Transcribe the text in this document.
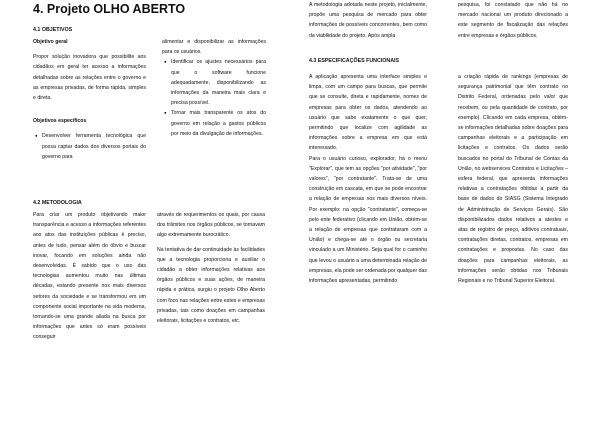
4. Projeto OLHO ABERTO
4.1 OBJETIVOS

Objetivo geral

Propor solução inovadora que possibilite aos cidadãos em geral ter acesso a informações detalhadas sobre as relações entre o governo e as empresas privadas, de forma rápida, simples e direta.

Objetivos específicos

● Desenvolver ferramenta tecnológica que possa captar dados dos diversos portais do governo para

alimentar e disponibilizar as informações para os usuários.

● Identificar os ajustes necessários para que o software funcione adequadamente, disponibilizando as informações da maneira mais clara e precisa possível.
● Tornar mais transparente os atos do governo em relação a gastos públicos por meio da divulgação de informações.
4.2 METODOLOGIA

Para criar um produto objetivando maior transparência e acesso a informações referentes aos atos das instituições públicas é preciso, antes de tudo, pensar além do óbvio e buscar inovar, focando em soluções ainda não desenvolvidas. É sabido que o uso das tecnologias aumentou muito nas últimas décadas, estando presente nos mais diversos setores da sociedade e se transformou em um componente social importante na vida moderna, tornando-se uma grande aliada na busca por informações que antes só eram possíveis conseguir

através de requerimentos os quais, por causa dos trâmites nos órgãos públicos, se tornavam algo extremamente burocrático.

Na tentativa de dar continuidade às facilidades que a tecnologia proporciona e auxiliar o cidadão a obter informações relativas aos órgãos públicos e suas ações, de maneira rápida e prática, surgiu o projeto Olho Aberto com foco nas relações entre estes e empresas privadas, tais como doações em campanhas eleitorais, licitações e contratos, etc.

A metodologia adotada neste projeto, inicialmente, propõe uma pesquisa de mercado para obter informações de possíveis concorrentes, bem como da viabilidade do projeto. Após ampla

4.3 ESPECIFICAÇÕES FUNCIONAIS

A aplicação apresenta uma interface simples e limpa, com um campo para buscas, que permite que se consulte, direta e rapidamente, nomes de empresas para obter os dados, atendendo ao usuário que sabe exatamente o que quer, permitindo que localize com agilidade as informações sobre a empresa em que está interessado.

Para o usuário curioso, explorador, há o menu "Explorar", que tem as opções "por atividade", "por valores", "por contratante". Trata-se de uma construção em cascata, em que se pode encontrar a relação de empresas nos mais diversos níveis. Por exemplo: na opção "contratante", começa-se pelo ente federativo (clicando em União, obtém-se a relação de empresas que contrataram com a União) e chega-se até o órgão ou secretaria vinculado a um Ministério. Seja qual for o caminho que levou o usuário a uma determinada relação de empresas, ela pode ser ordenada por qualquer das informações apresentadas, permitindo

pesquisa, foi constatado que não há no mercado nacional um produto direcionado a este segmento de fiscalização das relações entre empresas e órgãos públicos.

a criação rápida de rankings (empresas de segurança patrimonial que têm contrato no Distrito Federal, ordenadas pelo valor que recebem, ou pela quantidade de contrato, por exemplo). Clicando em cada empresa, obtém-se informações detalhadas sobre doações para campanhas eleitorais e a participação em licitações e contratos. Os dados serão buscados no portal do Tribunal de Contas da União, no webservices Contratos e Licitações – esfera federal, que apresenta informações relativas a contratações obtidas a partir da base de dados do SIASG (Sistema Integrado de Administração de Serviços Gerais). São disponibilizados dados relativos a atestes e atas de registro de preço, aditivos contratuais, contratações diretas, contratos, empresas em contratações e propostas. No caso das doações para campanhas eleitorais, as informações serão obtidas nos Tribunais Regionais e no Tribunal Superior Eleitoral.
